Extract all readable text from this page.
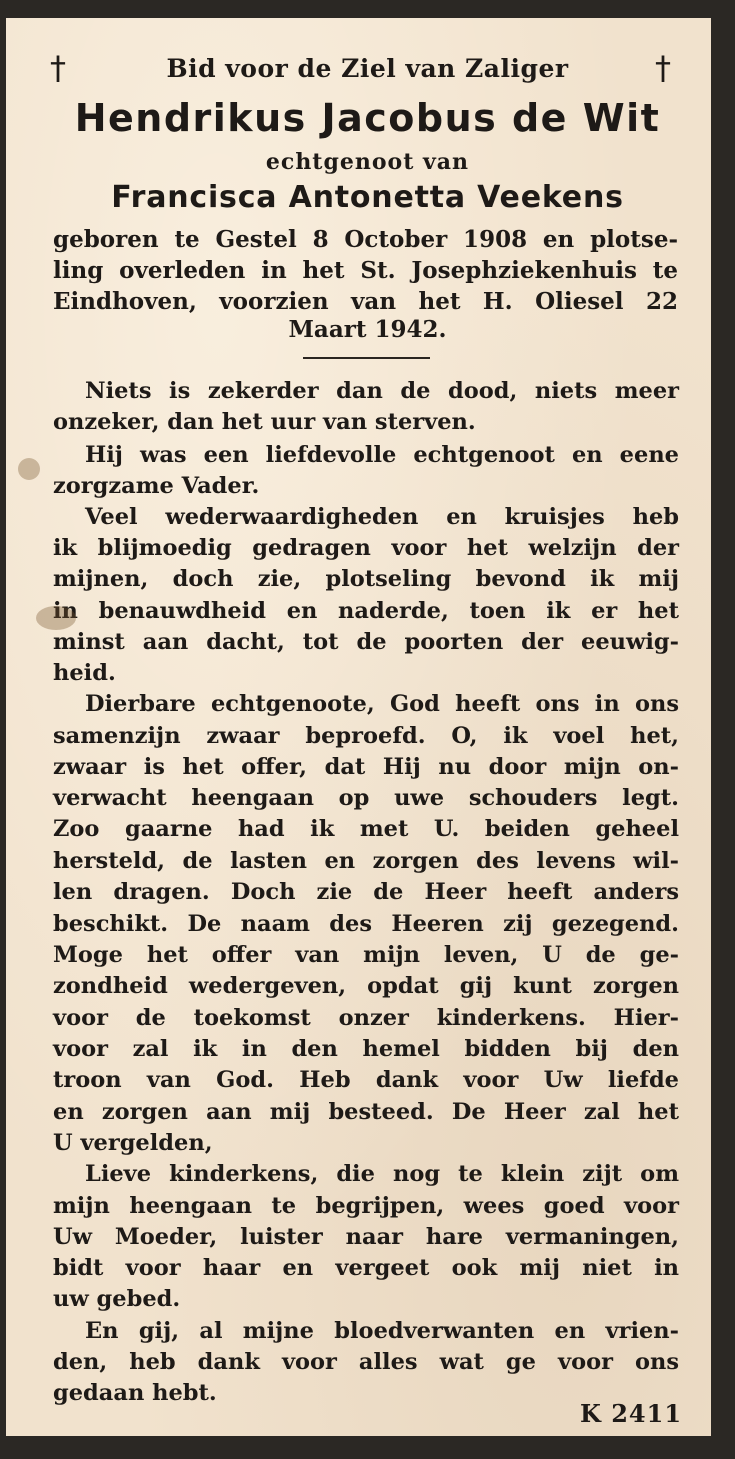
†	†
Bid voor de Ziel van Zaliger
Hendrikus Jacobus de Wit
echtgenoot van
Francisca Antonetta Veekens
geboren te Gestel 8 October 1908 en plotse-
ling overleden in het St. Josephziekenhuis te
Eindhoven, voorzien van het H. Oliesel 22
Maart 1942.
Niets is zekerder dan de dood, niets meer
onzeker, dan het uur van sterven.
Hij was een liefdevolle echtgenoot en eene
zorgzame Vader.
Veel wederwaardigheden en kruisjes heb
ik blijmoedig gedragen voor het welzijn der
mijnen, doch zie, plotseling bevond ik mij
in benauwdheid en naderde, toen ik er het
minst aan dacht, tot de poorten der eeuwig-
heid.
Dierbare echtgenoote, God heeft ons in ons
samenzijn zwaar beproefd. O, ik voel het,
zwaar is het offer, dat Hij nu door mijn on-
verwacht heengaan op uwe schouders legt.
Zoo gaarne had ik met U. beiden geheel
hersteld, de lasten en zorgen des levens wil-
len dragen. Doch zie de Heer heeft anders
beschikt. De naam des Heeren zij gezegend.
Moge het offer van mijn leven, U de ge-
zondheid wedergeven, opdat gij kunt zorgen
voor de toekomst onzer kinderkens. Hier-
voor zal ik in den hemel bidden bij den
troon van God. Heb dank voor Uw liefde
en zorgen aan mij besteed. De Heer zal het
U vergelden,
Lieve kinderkens, die nog te klein zijt om
mijn heengaan te begrijpen, wees goed voor
Uw Moeder, luister naar hare vermaningen,
bidt voor haar en vergeet ook mij niet in
uw gebed.
En gij, al mijne bloedverwanten en vrien-
den, heb dank voor alles wat ge voor ons
gedaan hebt.
K 2411
